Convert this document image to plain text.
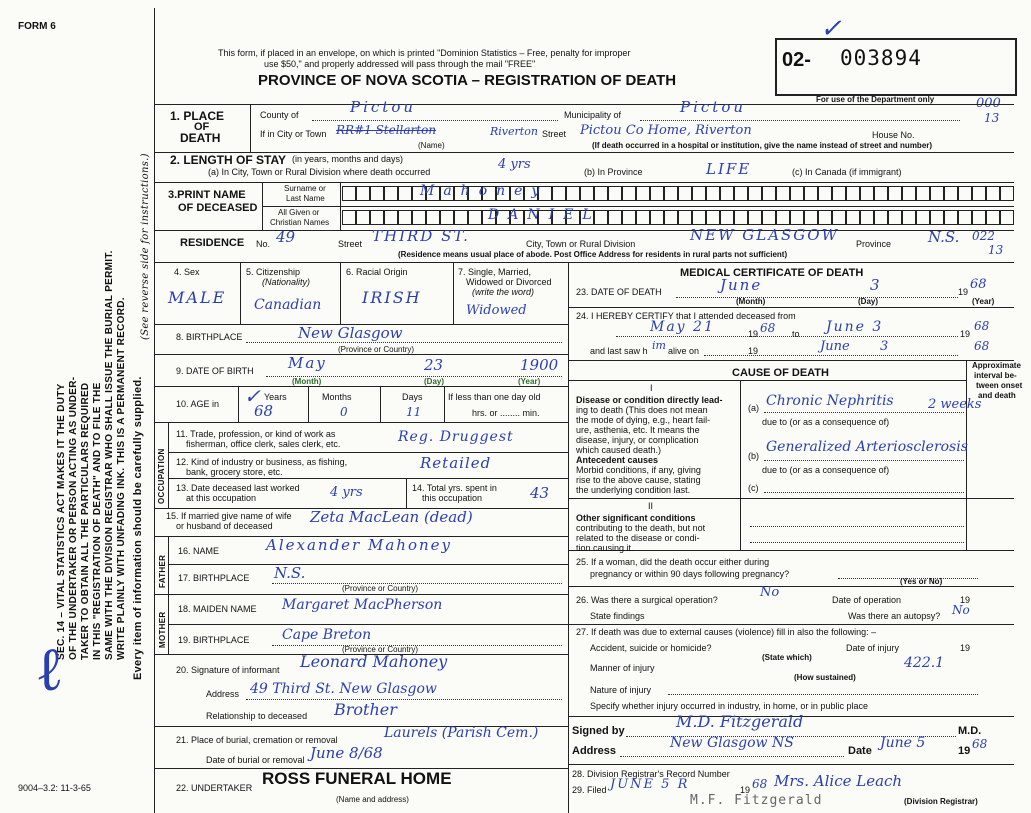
FORM 6
This form, if placed in an envelope, on which is printed "Dominion Statistics – Free, penalty for improper
use $50," and properly addressed will pass through the mail "FREE"
PROVINCE OF NOVA SCOTIA – REGISTRATION OF DEATH
02- 003894
✓
For use of the Department only	000
13
SEC. 14 – VITAL STATISTICS ACT MAKES IT THE DUTY OF THE UNDERTAKER OR PERSON ACTING AS UNDER- TAKER TO OBTAIN ALL THE PARTICULARS REQUIRED IN THIS "REGISTRATION OF DEATH" AND TO FILE THE SAME WITH THE DIVISION REGISTRAR WHO SHALL ISSUE THE BURIAL PERMIT. WRITE PLAINLY WITH UNFADING INK. THIS IS A PERMANENT RECORD. Every item of information should be carefully supplied.
(See reverse side for instructions.)
ℓ
9004–3.2: 11-3-65
1. PLACE
OF
DEATH
County of	Pictou	Municipality of	Pictou
If in City or Town RR#1 Stellarton	Riverton Street Pictou Co Home, Riverton	House No.
(Name)	(If death occurred in a hospital or institution, give the name instead of street and number)
2. LENGTH OF STAY (in years, months and days)
(a) In City, Town or Rural Division where death occurred	4 yrs	(b) In Province	LIFE	(c) In Canada (if immigrant)
3.PRINT NAME
OF DECEASED
Surname or
Last Name
All Given or
Christian Names
Mahoney
DANIEL
RESIDENCE No. 49	Street THIRD ST.	City, Town or Rural Division	NEW GLASGOW Province N.S. 022
13
(Residence means usual place of abode. Post Office Address for residents in rural parts not sufficient)
4. Sex
MALE
5. Citizenship
(Nationality)
Canadian
6. Racial Origin
IRISH
7. Single, Married,
Widowed or Divorced
(write the word)
Widowed
8. BIRTHPLACE	New Glasgow
(Province or Country)
9. DATE OF BIRTH May	23	1900
(Month)	(Day)	(Year)
10. AGE in
Years
✓
68
Months
0
Days
11
If less than one day old
hrs. or ........ min.
OCCUPATION
11. Trade, profession, or kind of work as
fisherman, office clerk, sales clerk, etc.	Reg. Druggest
12. Kind of industry or business, as fishing,
bank, grocery store, etc.	Retailed
13. Date deceased last worked
at this occupation	4 yrs	14. Total yrs. spent in
this occupation	43
15. If married give name of wife
or husband of deceased Zeta MacLean (dead)
FATHER
16. NAME	Alexander Mahoney
17. BIRTHPLACE N.S.
(Province or Country)
MOTHER
18. MAIDEN NAME Margaret MacPherson
19. BIRTHPLACE Cape Breton
(Province or Country)
20. Signature of informant Leonard Mahoney
Address 49 Third St. New Glasgow
Relationship to deceased Brother
21. Place of burial, cremation or removal	Laurels (Parish Cem.)
Date of burial or removal June 8/68
22. UNDERTAKER ROSS FUNERAL HOME
(Name and address)
MEDICAL CERTIFICATE OF DEATH
23. DATE OF DEATH	June	3	19 68
(Month)	(Day)	(Year)
24. I HEREBY CERTIFY that I attended deceased from
May 21	19 68 to June 3	19
68
and last saw h im alive on	19	June 3	68
CAUSE OF DEATH
Approximate
interval be-
tween onset
and death
I
Disease or condition directly lead-
ing to death (This does not mean
the mode of dying, e.g., heart fail-
ure, asthenia, etc. It means the
disease, injury, or complication
which caused death.)
(a) Chronic Nephritis	2 weeks
due to (or as a consequence of)
Antecedent causes
Morbid conditions, if any, giving
rise to the above cause, stating
the underlying condition last.
(b)
Generalized Arteriosclerosis
due to (or as a consequence of)
(c)
II
Other significant conditions
contributing to the death, but not
related to the disease or condi-
tion causing it.
25. If a woman, did the death occur either during
pregnancy or within 90 days following pregnancy?
(Yes or No)
26. Was there a surgical operation?	No	Date of operation	19
State findings	Was there an autopsy? No
27. If death was due to external causes (violence) fill in also the following: –
Accident, suicide or homicide?	Date of injury	19
(State which)
Manner of injury	422.1
(How sustained)
Nature of injury
Specify whether injury occurred in industry, in home, or in public place
Signed by	M.D. Fitzgerald	M.D.
Address	New Glasgow NS	Date June 5	19 68
28. Division Registrar's Record Number
29. Filed JUNE 5 R	19 68 Mrs. Alice Leach
(Division Registrar)
M.F. Fitzgerald
